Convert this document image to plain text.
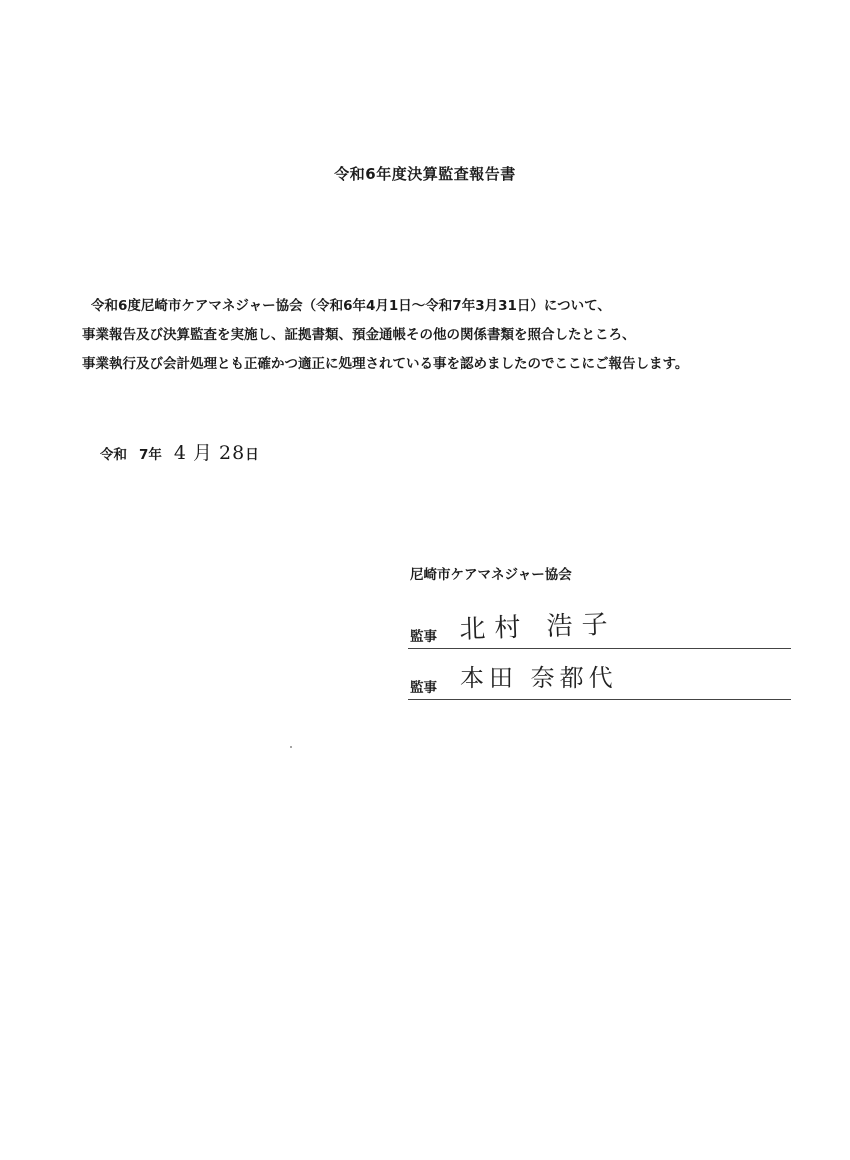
令和6年度決算監査報告書
令和6度尼崎市ケアマネジャー協会（令和6年4月1日～令和7年3月31日）について、
事業報告及び決算監査を実施し、証拠書類、預金通帳その他の関係書類を照合したところ、
事業執行及び会計処理とも正確かつ適正に処理されている事を認めましたのでここにご報告します。
令和 7年 4 月 28日
尼崎市ケアマネジャー協会
監事 北村 浩子
監事 本田 奈都代
